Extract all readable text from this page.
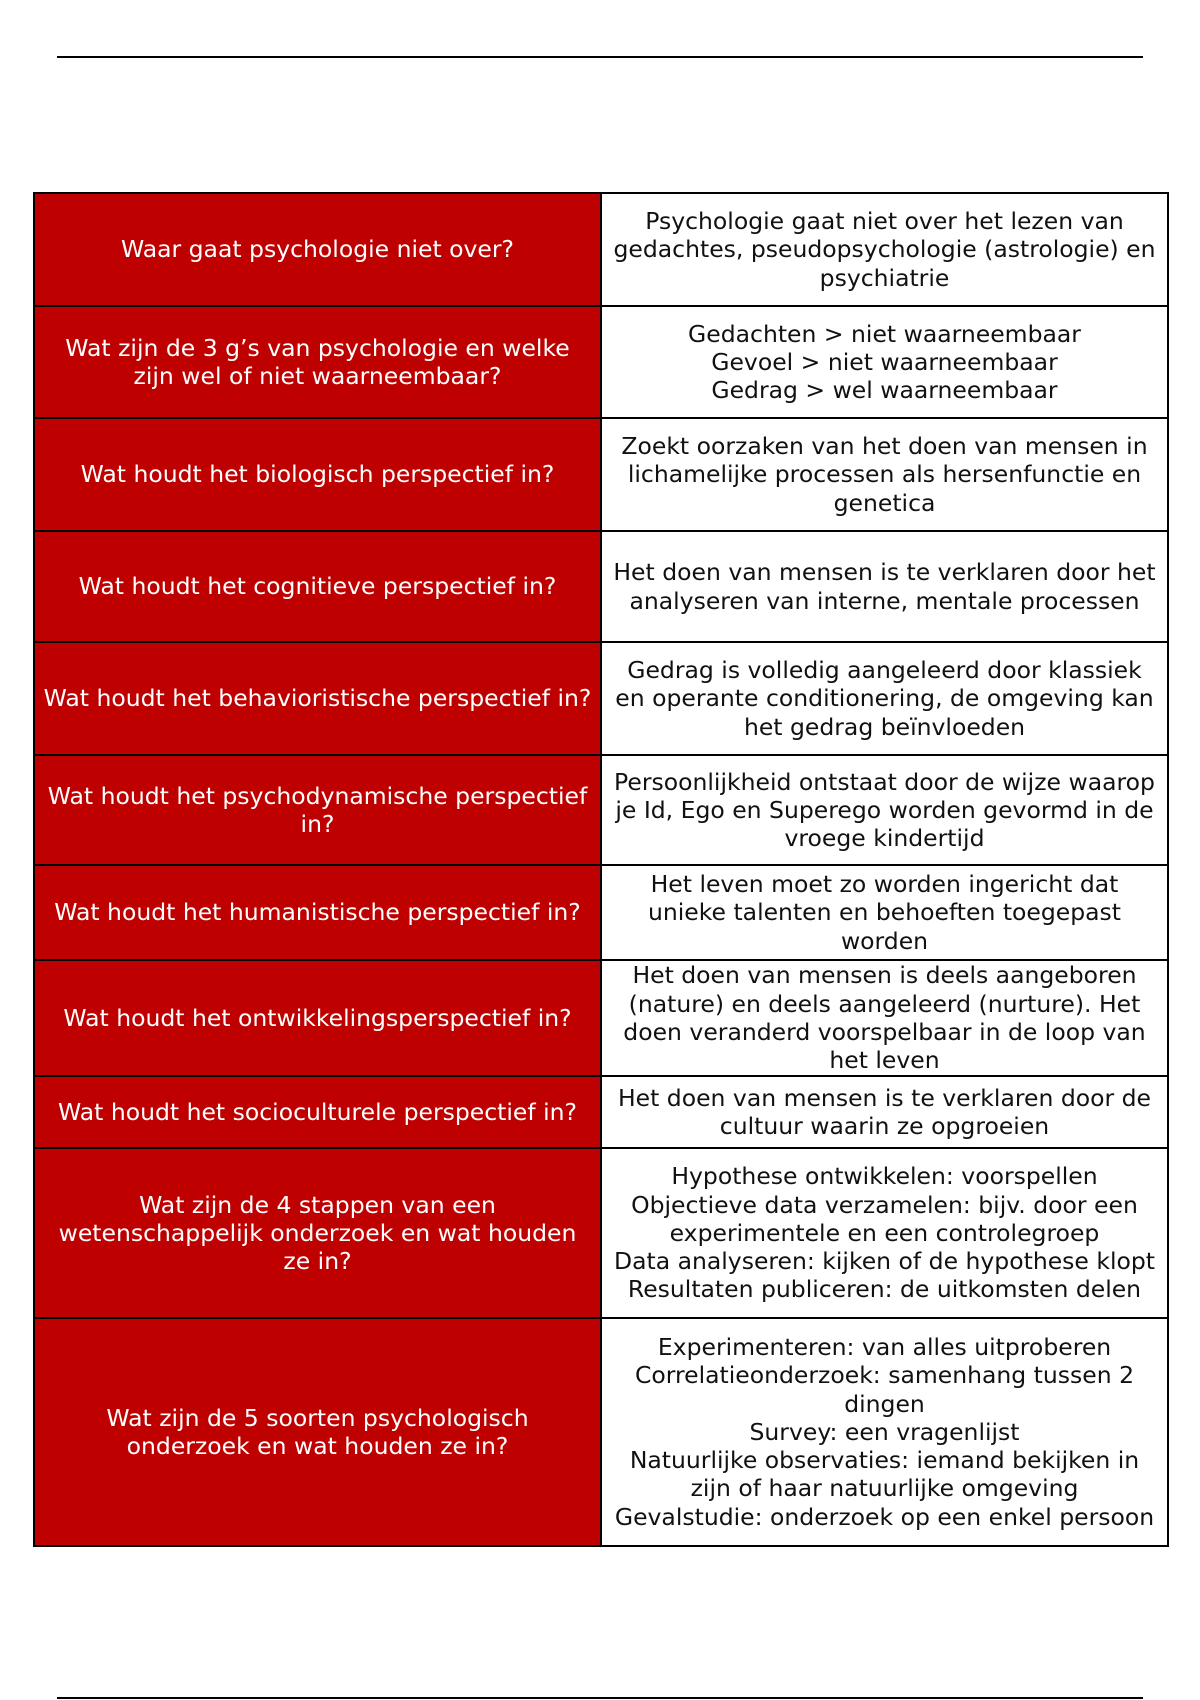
Waar gaat psychologie niet over?	Psychologie gaat niet over het lezen van gedachtes, pseudopsychologie (astrologie) en psychiatrie

Wat zijn de 3 g’s van psychologie en welke zijn wel of niet waarneembaar?	Gedachten > niet waarneembaar
Gevoel > niet waarneembaar
Gedrag > wel waarneembaar

Wat houdt het biologisch perspectief in?	Zoekt oorzaken van het doen van mensen in lichamelijke processen als hersenfunctie en genetica

Wat houdt het cognitieve perspectief in?	Het doen van mensen is te verklaren door het analyseren van interne, mentale processen

Wat houdt het behavioristische perspectief in?	Gedrag is volledig aangeleerd door klassiek en operante conditionering, de omgeving kan het gedrag beïnvloeden

Wat houdt het psychodynamische perspectief in?	Persoonlijkheid ontstaat door de wijze waarop je Id, Ego en Superego worden gevormd in de vroege kindertijd

Wat houdt het humanistische perspectief in?	Het leven moet zo worden ingericht dat unieke talenten en behoeften toegepast worden

Wat houdt het ontwikkelingsperspectief in?	Het doen van mensen is deels aangeboren (nature) en deels aangeleerd (nurture). Het doen veranderd voorspelbaar in de loop van het leven

Wat houdt het socioculturele perspectief in?	Het doen van mensen is te verklaren door de cultuur waarin ze opgroeien

Wat zijn de 4 stappen van een wetenschappelijk onderzoek en wat houden ze in?	Hypothese ontwikkelen: voorspellen
Objectieve data verzamelen: bijv. door een experimentele en een controlegroep
Data analyseren: kijken of de hypothese klopt
Resultaten publiceren: de uitkomsten delen

Wat zijn de 5 soorten psychologisch onderzoek en wat houden ze in?	Experimenteren: van alles uitproberen
Correlatieonderzoek: samenhang tussen 2 dingen
Survey: een vragenlijst
Natuurlijke observaties: iemand bekijken in zijn of haar natuurlijke omgeving
Gevalstudie: onderzoek op een enkel persoon
